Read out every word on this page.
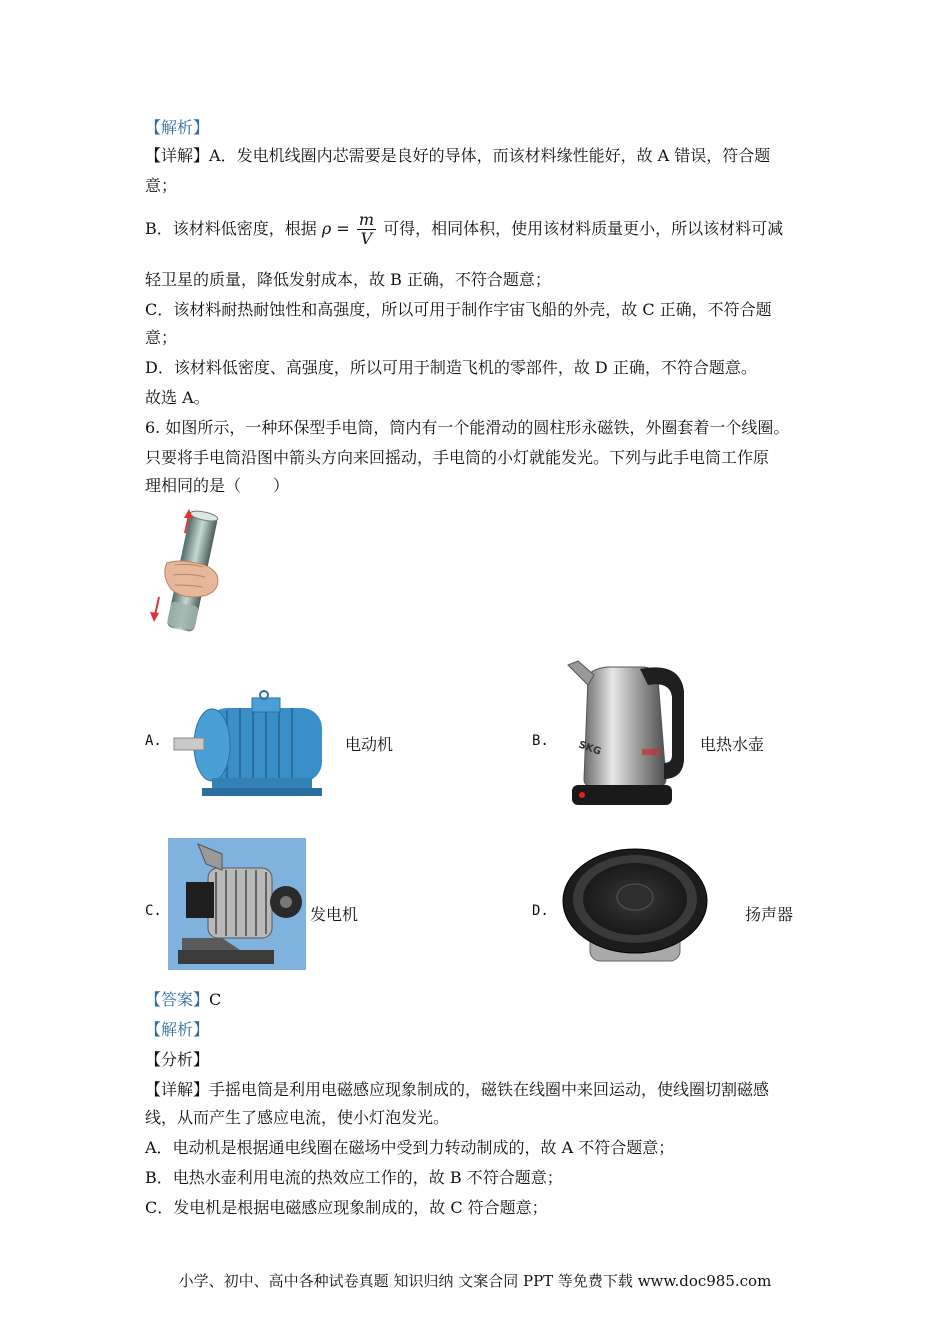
【解析】
【详解】A．发电机线圈内芯需要是良好的导体，而该材料缘性能好，故 A 错误，符合题
意；
B．该材料低密度，根据 $\rho = \frac{m}{V}$ 可得，相同体积，使用该材料质量更小，所以该材料可减
轻卫星的质量，降低发射成本，故 B 正确，不符合题意；
C．该材料耐热耐蚀性和高强度，所以可用于制作宇宙飞船的外壳，故 C 正确，不符合题
意；
D．该材料低密度、高强度，所以可用于制造飞机的零部件，故 D 正确，不符合题意。
故选 A。
6. 如图所示，一种环保型手电筒，筒内有一个能滑动的圆柱形永磁铁，外圈套着一个线圈。
只要将手电筒沿图中箭头方向来回摇动，手电筒的小灯就能发光。下列与此手电筒工作原
理相同的是（　　）
A.	电动机	B.	SKG	电热水壶
C.	发电机	D.	扬声器
【答案】C
【解析】
【分析】
【详解】手摇电筒是利用电磁感应现象制成的，磁铁在线圈中来回运动，使线圈切割磁感
线，从而产生了感应电流，使小灯泡发光。
A．电动机是根据通电线圈在磁场中受到力转动制成的，故 A 不符合题意；
B．电热水壶利用电流的热效应工作的，故 B 不符合题意；
C．发电机是根据电磁感应现象制成的，故 C 符合题意；
小学、初中、高中各种试卷真题 知识归纳 文案合同 PPT 等免费下载 www.doc985.com
